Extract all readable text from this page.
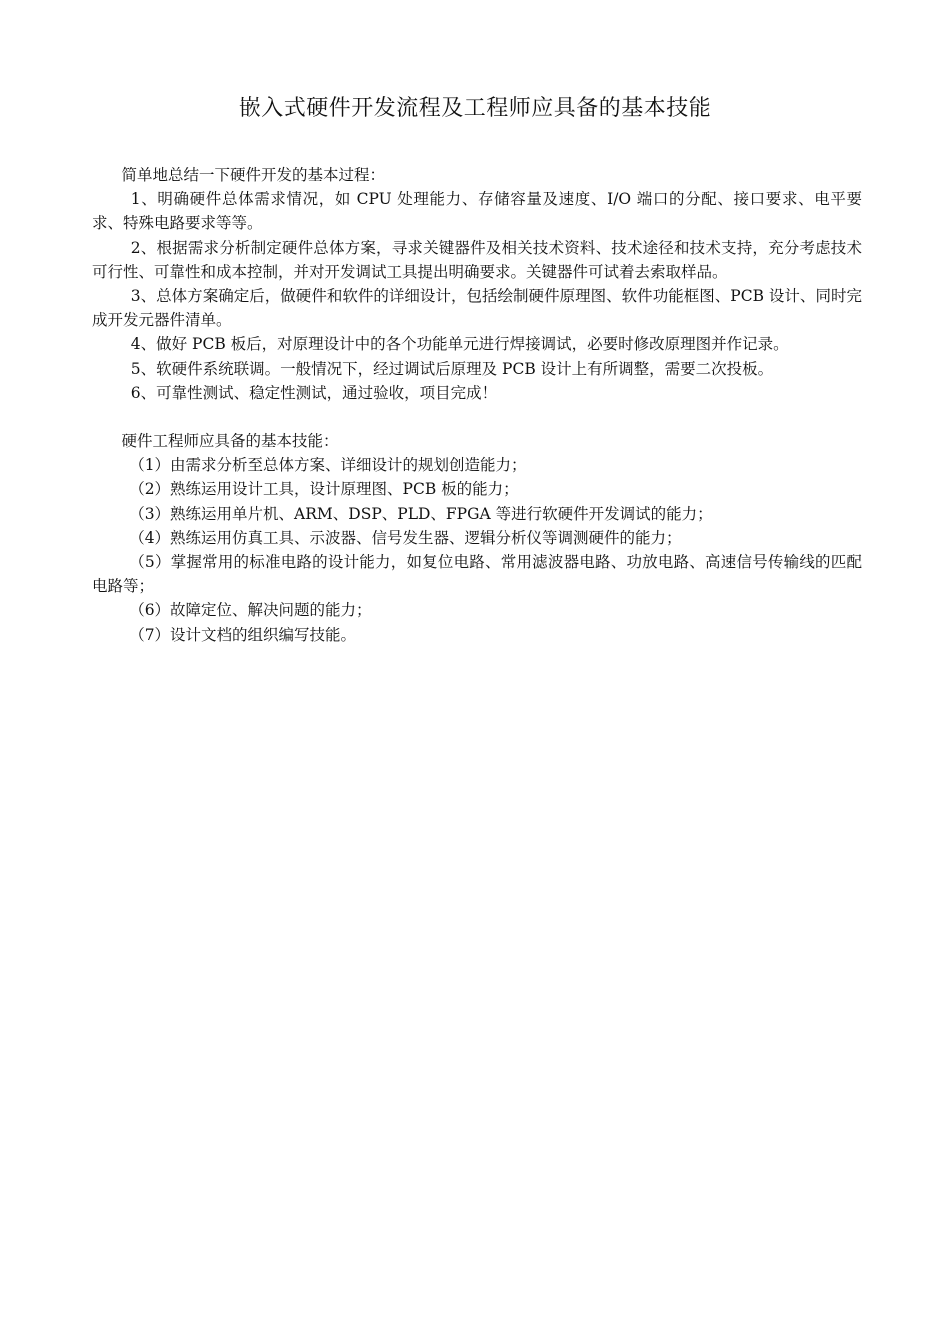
嵌入式硬件开发流程及工程师应具备的基本技能

简单地总结一下硬件开发的基本过程：

1、明确硬件总体需求情况，如 CPU 处理能力、存储容量及速度、I/O 端口的分配、接口要求、电平要求、特殊电路要求等等。

2、根据需求分析制定硬件总体方案，寻求关键器件及相关技术资料、技术途径和技术支持，充分考虑技术可行性、可靠性和成本控制，并对开发调试工具提出明确要求。关键器件可试着去索取样品。

3、总体方案确定后，做硬件和软件的详细设计，包括绘制硬件原理图、软件功能框图、PCB 设计、同时完成开发元器件清单。

4、做好 PCB 板后，对原理设计中的各个功能单元进行焊接调试，必要时修改原理图并作记录。

5、软硬件系统联调。一般情况下，经过调试后原理及 PCB 设计上有所调整，需要二次投板。

6、可靠性测试、稳定性测试，通过验收，项目完成！

硬件工程师应具备的基本技能：

（1）由需求分析至总体方案、详细设计的规划创造能力；

（2）熟练运用设计工具，设计原理图、PCB 板的能力；

（3）熟练运用单片机、ARM、DSP、PLD、FPGA 等进行软硬件开发调试的能力；

（4）熟练运用仿真工具、示波器、信号发生器、逻辑分析仪等调测硬件的能力；

（5）掌握常用的标准电路的设计能力，如复位电路、常用滤波器电路、功放电路、高速信号传输线的匹配电路等；

（6）故障定位、解决问题的能力；

（7）设计文档的组织编写技能。
